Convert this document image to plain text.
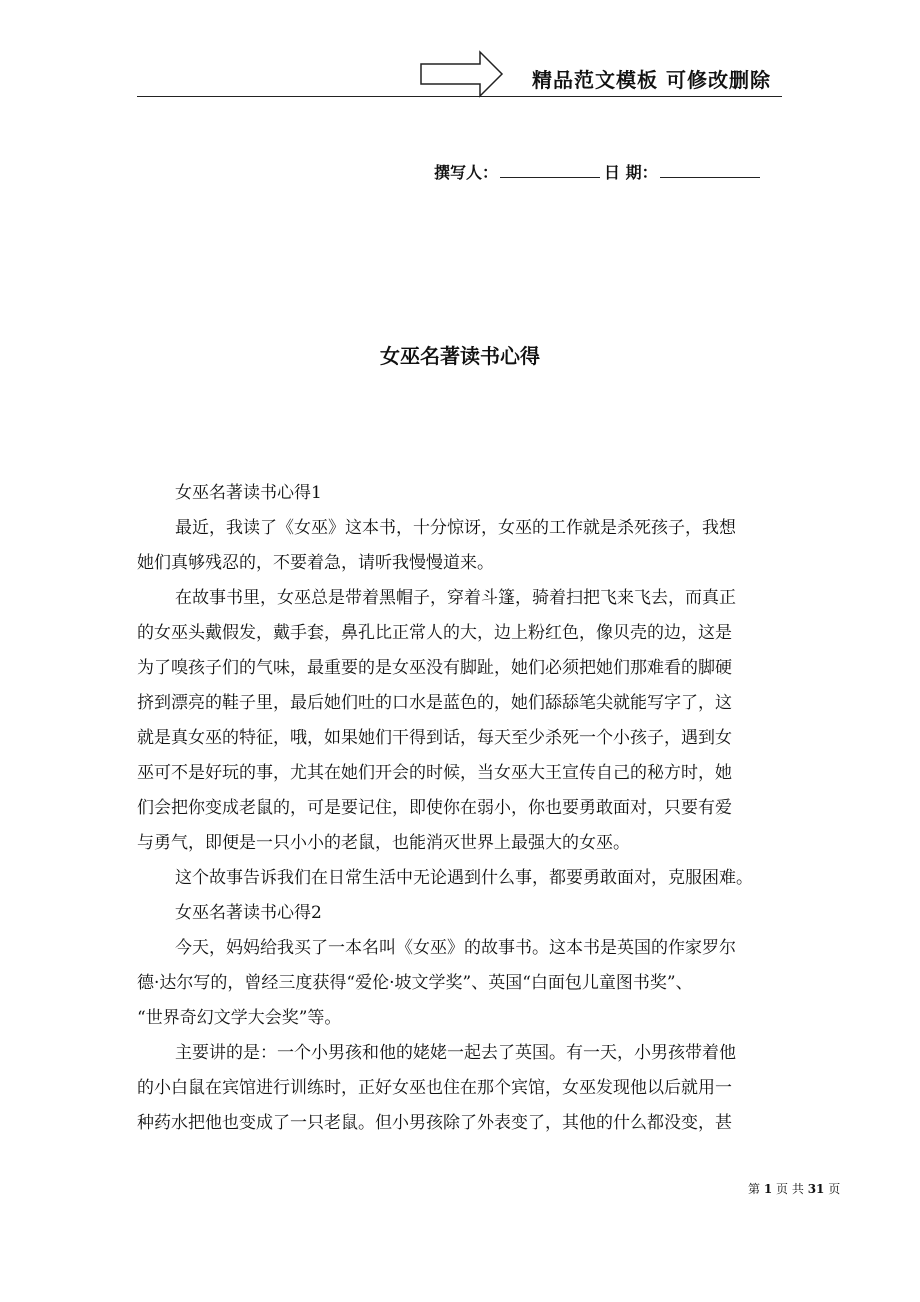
精品范文模板 可修改删除
撰写人：	日 期：
女巫名著读书心得
女巫名著读书心得1
最近，我读了《女巫》这本书，十分惊讶，女巫的工作就是杀死孩子，我想
她们真够残忍的，不要着急，请听我慢慢道来。
在故事书里，女巫总是带着黑帽子，穿着斗篷，骑着扫把飞来飞去，而真正
的女巫头戴假发，戴手套，鼻孔比正常人的大，边上粉红色，像贝壳的边，这是
为了嗅孩子们的气味，最重要的是女巫没有脚趾，她们必须把她们那难看的脚硬
挤到漂亮的鞋子里，最后她们吐的口水是蓝色的，她们舔舔笔尖就能写字了，这
就是真女巫的特征，哦，如果她们干得到话，每天至少杀死一个小孩子，遇到女
巫可不是好玩的事，尤其在她们开会的时候，当女巫大王宣传自己的秘方时，她
们会把你变成老鼠的，可是要记住，即使你在弱小，你也要勇敢面对，只要有爱
与勇气，即便是一只小小的老鼠，也能消灭世界上最强大的女巫。
这个故事告诉我们在日常生活中无论遇到什么事，都要勇敢面对，克服困难。
女巫名著读书心得2
今天，妈妈给我买了一本名叫《女巫》的故事书。这本书是英国的作家罗尔
德·达尔写的，曾经三度获得“爱伦·坡文学奖”、英国“白面包儿童图书奖”、
“世界奇幻文学大会奖”等。
主要讲的是：一个小男孩和他的姥姥一起去了英国。有一天，小男孩带着他
的小白鼠在宾馆进行训练时，正好女巫也住在那个宾馆，女巫发现他以后就用一
种药水把他也变成了一只老鼠。但小男孩除了外表变了，其他的什么都没变，甚
第 1 页 共 31 页
